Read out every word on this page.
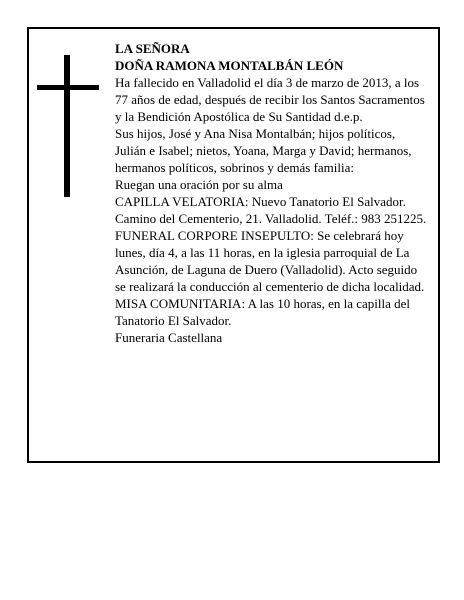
LA SEÑORA
DOÑA RAMONA MONTALBÁN LEÓN
Ha fallecido en Valladolid el día 3 de marzo de 2013, a los 77 años de edad, después de recibir los Santos Sacramentos y la Bendición Apostólica de Su Santidad d.e.p.
Sus hijos, José y Ana Nisa Montalbán; hijos políticos, Julián e Isabel; nietos, Yoana, Marga y David; hermanos, hermanos políticos, sobrinos y demás familia:
Ruegan una oración por su alma
CAPILLA VELATORIA: Nuevo Tanatorio El Salvador. Camino del Cementerio, 21. Valladolid. Teléf.: 983 251225.
FUNERAL CORPORE INSEPULTO: Se celebrará hoy lunes, día 4, a las 11 horas, en la iglesia parroquial de La Asunción, de Laguna de Duero (Valladolid). Acto seguido se realizará la conducción al cementerio de dicha localidad.
MISA COMUNITARIA: A las 10 horas, en la capilla del Tanatorio El Salvador.
Funeraria Castellana
